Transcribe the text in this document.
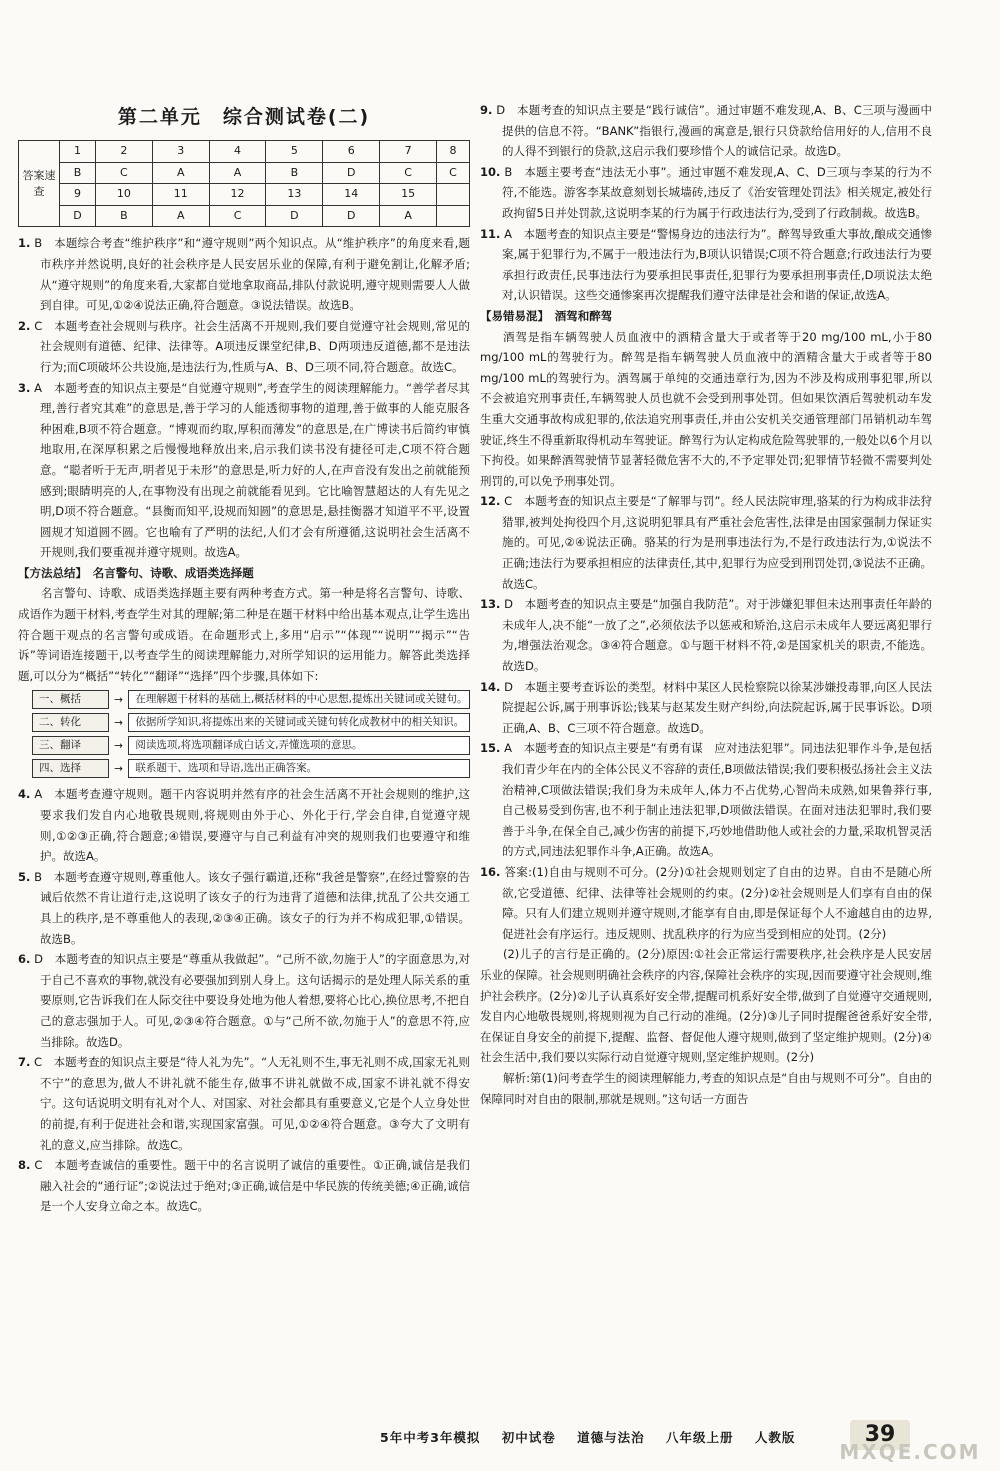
第二单元　综合测试卷(二)
答案速查	1	2	3	4	5	6	7	8
	B	C	A	A	B	D	C	C
	9	10	11	12	13	14	15	
	D	B	A	C	D	D	A	

1. B　本题综合考查“维护秩序”和“遵守规则”两个知识点。从“维护秩序”的角度来看,题市秩序并然说明,良好的社会秩序是人民安居乐业的保障,有利于避免割让,化解矛盾;从“遵守规则”的角度来看,大家都自觉地拿取商品,排队付款说明,遵守规则需要人人做到自律。可见,①②④说法正确,符合题意。③说法错误。故选B。

2. C　本题考查社会规则与秩序。社会生活离不开规则,我们要自觉遵守社会规则,常见的社会规则有道德、纪律、法律等。A项违反课堂纪律,B、D两项违反道德,都不是违法行为;而C项破坏公共设施,是违法行为,性质与A、B、D三项不同,符合题意。故选C。

3. A　本题考查的知识点主要是“自觉遵守规则”,考查学生的阅读理解能力。“善学者尽其理,善行者究其难”的意思是,善于学习的人能透彻事物的道理,善于做事的人能克服各种困难,B项不符合题意。“博观而约取,厚积而薄发”的意思是,在广博读书后简约审慎地取用,在深厚积累之后慢慢地释放出来,启示我们读书没有捷径可走,C项不符合题意。“聪者听于无声,明者见于未形”的意思是,听力好的人,在声音没有发出之前就能预感到;眼睛明亮的人,在事物没有出现之前就能看见到。它比喻智慧超达的人有先见之明,D项不符合题意。“县衡而知平,设规而知圆”的意思是,悬挂衡器才知道平不平,设置圆规才知道圆不圆。它也喻有了严明的法纪,人们才会有所遵循,这说明社会生活离不开规则,我们要重视并遵守规则。故选A。

【方法总结】　名言警句、诗歌、成语类选择题

名言警句、诗歌、成语类选择题主要有两种考查方式。第一种是将名言警句、诗歌、成语作为题干材料,考查学生对其的理解;第二种是在题干材料中给出基本观点,让学生选出符合题干观点的名言警句或成语。在命题形式上,多用“启示”“体现”“说明”“揭示”“告诉”等词语连接题干,以考查学生的阅读理解能力,对所学知识的运用能力。解答此类选择题,可以分为“概括”“转化”“翻译”“选择”四个步骤,具体如下:

一、概括	→	在理解题干材料的基础上,概括材料的中心思想,提炼出关键词或关键句。
二、转化	→	依据所学知识,将提炼出来的关键词或关键句转化成教材中的相关知识。
三、翻译	→	阅读选项,将选项翻译成白话文,弄懂选项的意思。
四、选择	→	联系题干、选项和导语,选出正确答案。

4. A　本题考查遵守规则。题干内容说明并然有序的社会生活离不开社会规则的维护,这要求我们发自内心地敬畏规则,将规则由外于心、外化于行,学会自律,自觉遵守规则,①②③正确,符合题意;④错误,要遵守与自己利益有冲突的规则我们也要遵守和维护。故选A。

5. B　本题考查遵守规则,尊重他人。该女子强行霸道,还称“我爸是警察”,在经过警察的告诫后依然不肯让道行走,这说明了该女子的行为违背了道德和法律,扰乱了公共交通工具上的秩序,是不尊重他人的表现,②③④正确。该女子的行为并不构成犯罪,①错误。故选B。

6. D　本题考查的知识点主要是“尊重从我做起”。“己所不欲,勿施于人”的字面意思为,对于自己不喜欢的事物,就没有必要强加到别人身上。这句话揭示的是处理人际关系的重要原则,它告诉我们在人际交往中要设身处地为他人着想,要将心比心,换位思考,不把自己的意志强加于人。可见,②③④符合题意。①与“己所不欲,勿施于人”的意思不符,应当排除。故选D。

7. C　本题考查的知识点主要是“待人礼为先”。“人无礼则不生,事无礼则不成,国家无礼则不宁”的意思为,做人不讲礼就不能生存,做事不讲礼就做不成,国家不讲礼就不得安宁。这句话说明文明有礼对个人、对国家、对社会都具有重要意义,它是个人立身处世的前提,有利于促进社会和谐,实现国家富强。可见,①②④符合题意。③夸大了文明有礼的意义,应当排除。故选C。

8. C　本题考查诚信的重要性。题干中的名言说明了诚信的重要性。①正确,诚信是我们融入社会的“通行证”;②说法过于绝对;③正确,诚信是中华民族的传统美德;④正确,诚信是一个人安身立命之本。故选C。

9. D　本题考查的知识点主要是“践行诚信”。通过审题不难发现,A、B、C三项与漫画中提供的信息不符。“BANK”指银行,漫画的寓意是,银行只贷款给信用好的人,信用不良的人得不到银行的贷款,这启示我们要珍惜个人的诚信记录。故选D。

10. B　本题主要考查“违法无小事”。通过审题不难发现,A、C、D三项与李某的行为不符,不能选。游客李某故意刻划长城墙砖,违反了《治安管理处罚法》相关规定,被处行政拘留5日并处罚款,这说明李某的行为属于行政违法行为,受到了行政制裁。故选B。

11. A　本题考查的知识点主要是“警惕身边的违法行为”。醉驾导致重大事故,酿成交通惨案,属于犯罪行为,不属于一般违法行为,B项认识错误;C项不符合题意;行政违法行为要承担行政责任,民事违法行为要承担民事责任,犯罪行为要承担刑事责任,D项说法太绝对,认识错误。这些交通惨案再次提醒我们遵守法律是社会和谐的保证,故选A。

【易错易混】　酒驾和醉驾

酒驾是指车辆驾驶人员血液中的酒精含量大于或者等于20 mg/100 mL,小于80 mg/100 mL的驾驶行为。醉驾是指车辆驾驶人员血液中的酒精含量大于或者等于80 mg/100 mL的驾驶行为。酒驾属于单纯的交通违章行为,因为不涉及构成刑事犯罪,所以不会被追究刑事责任,车辆驾驶人员也就不会受到刑事处罚。但如果饮酒后驾驶机动车发生重大交通事故构成犯罪的,依法追究刑事责任,并由公安机关交通管理部门吊销机动车驾驶证,终生不得重新取得机动车驾驶证。醉驾行为认定构成危险驾驶罪的,一般处以6个月以下拘役。如果醉酒驾驶情节显著轻微危害不大的,不予定罪处罚;犯罪情节轻微不需要判处刑罚的,可以免予刑事处罚。

12. C　本题考查的知识点主要是“了解罪与罚”。经人民法院审理,骆某的行为构成非法狩猎罪,被判处拘役四个月,这说明犯罪具有严重社会危害性,法律是由国家强制力保证实施的。可见,②④说法正确。骆某的行为是刑事违法行为,不是行政违法行为,①说法不正确;违法行为要承担相应的法律责任,其中,犯罪行为应受到刑罚处罚,③说法不正确。故选C。

13. D　本题考查的知识点主要是“加强自我防范”。对于涉嫌犯罪但未达刑事责任年龄的未成年人,决不能“一放了之”,必须依法予以惩戒和矫治,这启示未成年人要远离犯罪行为,增强法治观念。③④符合题意。①与题干材料不符,②是国家机关的职责,不能选。故选D。

14. D　本题主要考查诉讼的类型。材料中某区人民检察院以徐某涉嫌投毒罪,向区人民法院提起公诉,属于刑事诉讼;钱某与赵某发生财产纠纷,向法院起诉,属于民事诉讼。D项正确,A、B、C三项不符合题意。故选D。

15. A　本题考查的知识点主要是“有勇有谋　应对违法犯罪”。同违法犯罪作斗争,是包括我们青少年在内的全体公民义不容辞的责任,B项做法错误;我们要积极弘扬社会主义法治精神,C项做法错误;我们身为未成年人,体力不占优势,心智尚未成熟,如果鲁莽行事,自己极易受到伤害,也不利于制止违法犯罪,D项做法错误。在面对违法犯罪时,我们要善于斗争,在保全自己,减少伤害的前提下,巧妙地借助他人或社会的力量,采取机智灵活的方式,同违法犯罪作斗争,A正确。故选A。

16. 答案:(1)自由与规则不可分。(2分)①社会规则划定了自由的边界。自由不是随心所欲,它受道德、纪律、法律等社会规则的约束。(2分)②社会规则是人们享有自由的保障。只有人们建立规则并遵守规则,才能享有自由,即是保证每个人不逾越自由的边界,促进社会有序运行。违反规则、扰乱秩序的行为应当受到相应的处罚。(2分)

(2)儿子的言行是正确的。(2分)原因:①社会正常运行需要秩序,社会秩序是人民安居乐业的保障。社会规则明确社会秩序的内容,保障社会秩序的实现,因而要遵守社会规则,维护社会秩序。(2分)②儿子认真系好安全带,提醒司机系好安全带,做到了自觉遵守交通规则,发自内心地敬畏规则,将规则视为自己行动的准绳。(2分)③儿子同时提醒爸爸系好安全带,在保证自身安全的前提下,提醒、监督、督促他人遵守规则,做到了坚定维护规则。(2分)④社会生活中,我们要以实际行动自觉遵守规则,坚定维护规则。(2分)

解析:第(1)问考查学生的阅读理解能力,考查的知识点是“自由与规则不可分”。自由的保障同时对自由的限制,那就是规则。”这句话一方面告

5年中考3年模拟 初中试卷 道德与法治 八年级上册 人教版	39
MXQE.COM
